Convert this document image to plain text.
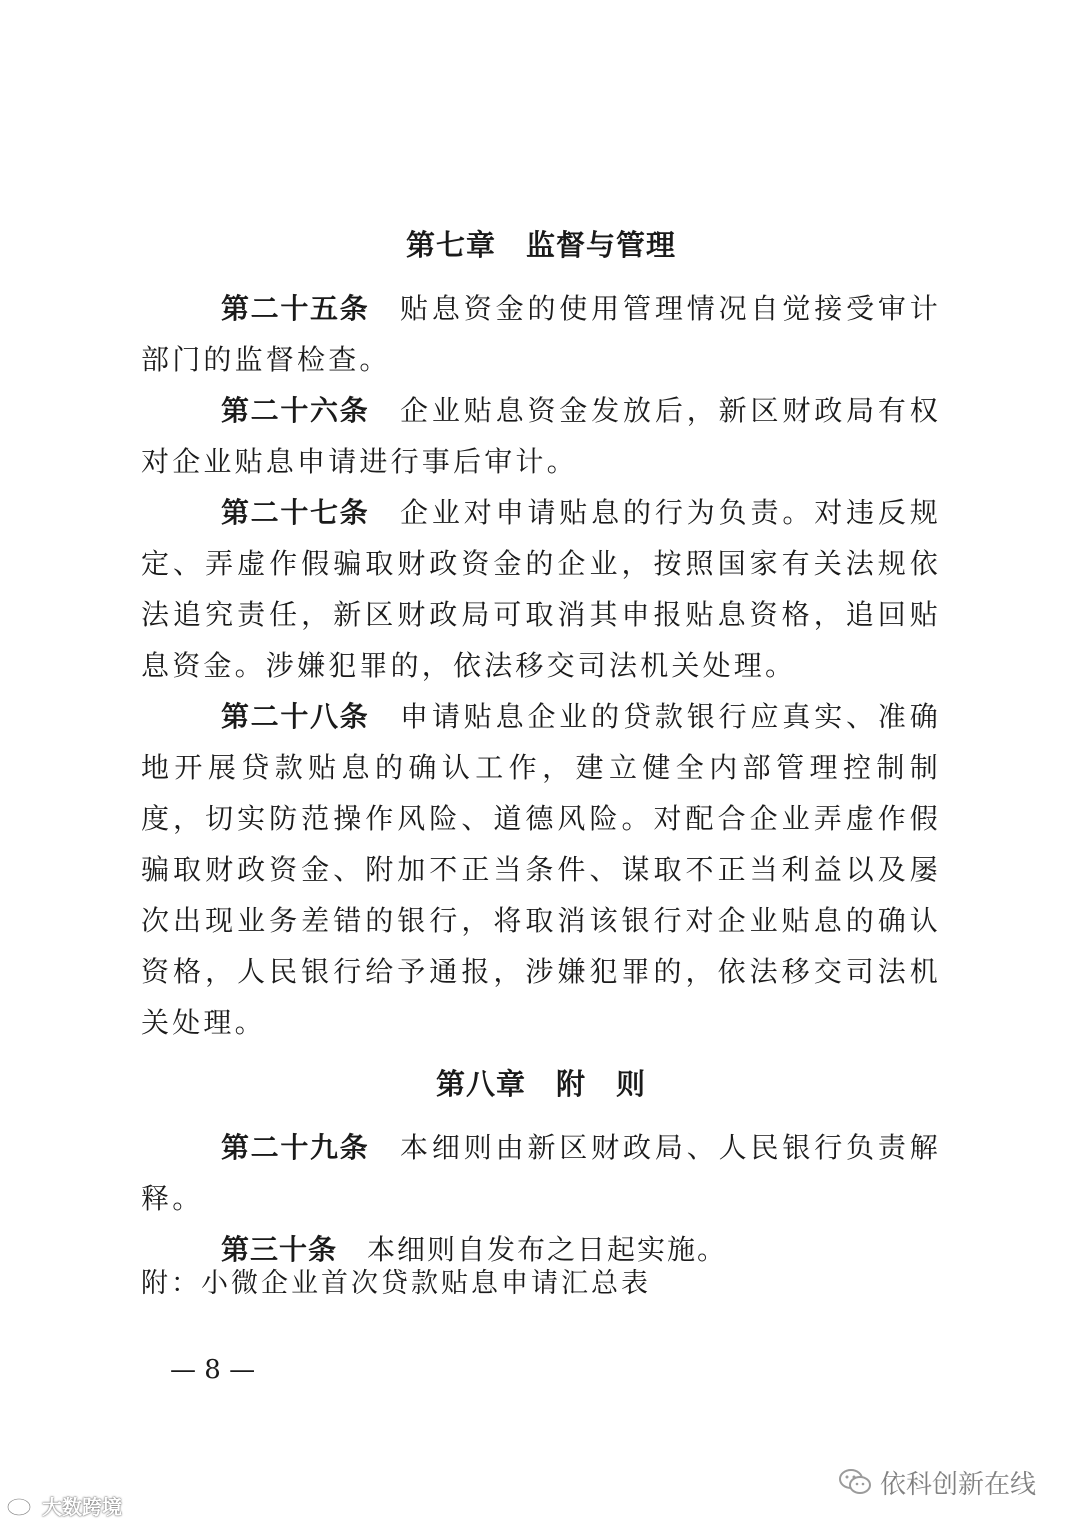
第七章 监督与管理

第二十五条 贴息资金的使用管理情况自觉接受审计部门的监督检查。

第二十六条 企业贴息资金发放后，新区财政局有权对企业贴息申请进行事后审计。

第二十七条 企业对申请贴息的行为负责。对违反规定、弄虚作假骗取财政资金的企业，按照国家有关法规依法追究责任，新区财政局可取消其申报贴息资格，追回贴息资金。涉嫌犯罪的，依法移交司法机关处理。

第二十八条 申请贴息企业的贷款银行应真实、准确地开展贷款贴息的确认工作，建立健全内部管理控制制度，切实防范操作风险、道德风险。对配合企业弄虚作假骗取财政资金、附加不正当条件、谋取不正当利益以及屡次出现业务差错的银行，将取消该银行对企业贴息的确认资格，人民银行给予通报，涉嫌犯罪的，依法移交司法机关处理。

第八章 附　则

第二十九条 本细则由新区财政局、人民银行负责解释。

第三十条 本细则自发布之日起实施。

附：小微企业首次贷款贴息申请汇总表
— 8 —
依科创新在线
大数跨境
